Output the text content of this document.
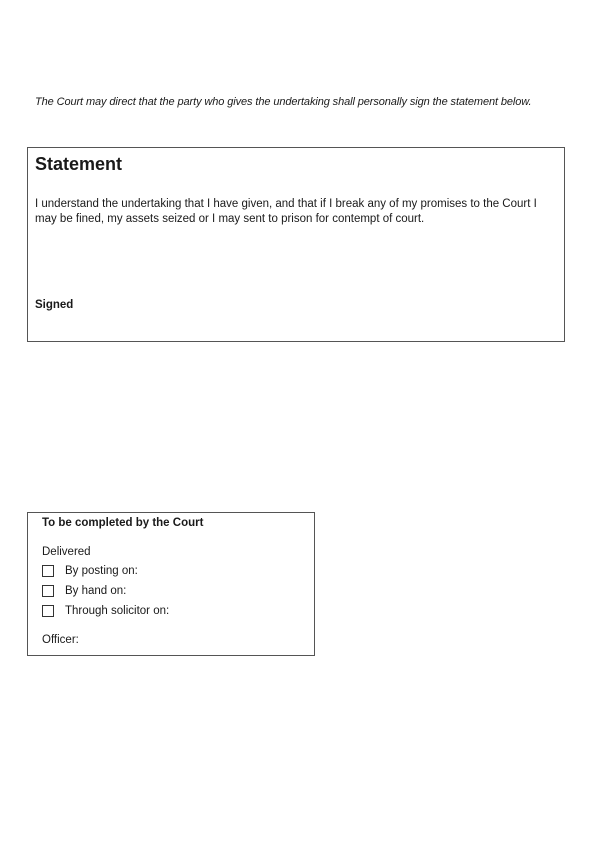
The Court may direct that the party who gives the undertaking shall personally sign the statement below.
Statement
I understand the undertaking that I have given, and that if I break any of my promises to the Court I may be fined, my assets seized or I may sent to prison for contempt of court.
Signed
To be completed by the Court
Delivered
By posting on:
By hand on:
Through solicitor on:
Officer:
